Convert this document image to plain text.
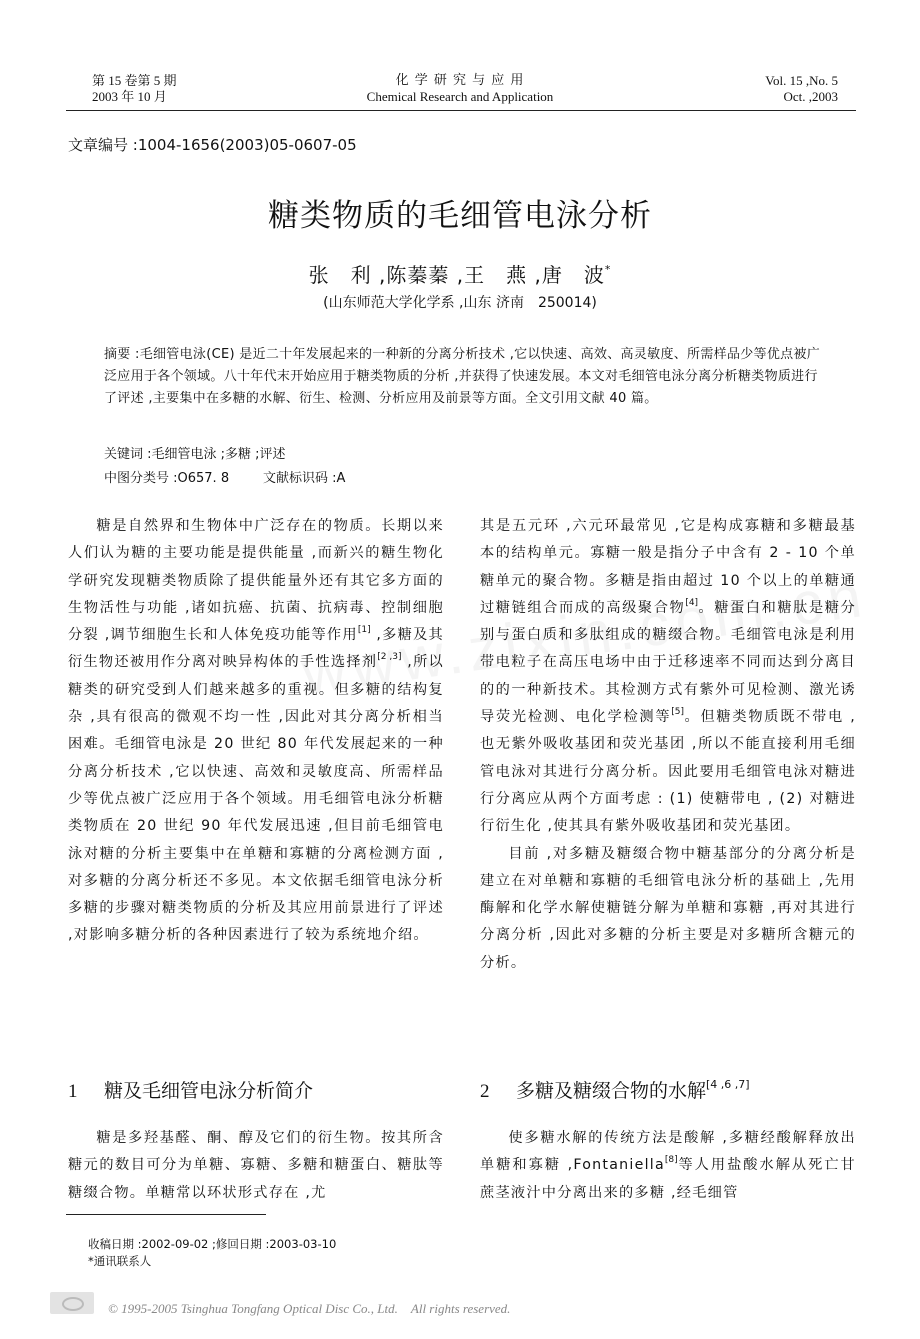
第 15 卷第 5 期
2003 年 10 月
化 学 研 究 与 应 用
Chemical Research and Application
Vol. 15 ,No. 5
Oct. ,2003
文章编号 :1004-1656(2003)05-0607-05
糖类物质的毛细管电泳分析
张　利 ,陈蓁蓁 ,王　燕 ,唐　波*
(山东师范大学化学系 ,山东 济南　250014)
摘要 :毛细管电泳(CE) 是近二十年发展起来的一种新的分离分析技术 ,它以快速、高效、高灵敏度、所需样品少等优点被广泛应用于各个领域。八十年代末开始应用于糖类物质的分析 ,并获得了快速发展。本文对毛细管电泳分离分析糖类物质进行了评述 ,主要集中在多糖的水解、衍生、检测、分析应用及前景等方面。全文引用文献 40 篇。
关键词 :毛细管电泳 ;多糖 ;评述
中图分类号 :O657. 8	文献标识码 :A

糖是自然界和生物体中广泛存在的物质。长期以来人们认为糖的主要功能是提供能量 ,而新兴的糖生物化学研究发现糖类物质除了提供能量外还有其它多方面的生物活性与功能 ,诸如抗癌、抗菌、抗病毒、控制细胞分裂 ,调节细胞生长和人体免疫功能等作用[1] ,多糖及其衍生物还被用作分离对映异构体的手性选择剂[2 ,3] ,所以糖类的研究受到人们越来越多的重视。但多糖的结构复杂 ,具有很高的微观不均一性 ,因此对其分离分析相当困难。毛细管电泳是 20 世纪 80 年代发展起来的一种分离分析技术 ,它以快速、高效和灵敏度高、所需样品少等优点被广泛应用于各个领域。用毛细管电泳分析糖类物质在 20 世纪 90 年代发展迅速 ,但目前毛细管电泳对糖的分析主要集中在单糖和寡糖的分离检测方面 ,对多糖的分离分析还不多见。本文依据毛细管电泳分析多糖的步骤对糖类物质的分析及其应用前景进行了评述 ,对影响多糖分析的各种因素进行了较为系统地介绍。

1 糖及毛细管电泳分析简介

糖是多羟基醛、酮、醇及它们的衍生物。按其所含糖元的数目可分为单糖、寡糖、多糖和糖蛋白、糖肽等糖缀合物。单糖常以环状形式存在 ,尤

其是五元环 ,六元环最常见 ,它是构成寡糖和多糖最基本的结构单元。寡糖一般是指分子中含有 2 - 10 个单糖单元的聚合物。多糖是指由超过 10 个以上的单糖通过糖链组合而成的高级聚合物[4]。糖蛋白和糖肽是糖分别与蛋白质和多肽组成的糖缀合物。毛细管电泳是利用带电粒子在高压电场中由于迁移速率不同而达到分离目的的一种新技术。其检测方式有紫外可见检测、激光诱导荧光检测、电化学检测等[5]。但糖类物质既不带电 ,也无紫外吸收基团和荧光基团 ,所以不能直接利用毛细管电泳对其进行分离分析。因此要用毛细管电泳对糖进行分离应从两个方面考虑 : (1) 使糖带电 , (2) 对糖进行衍生化 ,使其具有紫外吸收基团和荧光基团。

目前 ,对多糖及糖缀合物中糖基部分的分离分析是建立在对单糖和寡糖的毛细管电泳分析的基础上 ,先用酶解和化学水解使糖链分解为单糖和寡糖 ,再对其进行分离分析 ,因此对多糖的分析主要是对多糖所含糖元的分析。

2 多糖及糖缀合物的水解[4 ,6 ,7]

使多糖水解的传统方法是酸解 ,多糖经酸解释放出单糖和寡糖 ,Fontaniella[8]等人用盐酸水解从死亡甘蔗茎液汁中分离出来的多糖 ,经毛细管

收稿日期 :2002-09-02 ;修回日期 :2003-03-10
*通讯联系人
© 1995-2005 Tsinghua Tongfang Optical Disc Co., Ltd.　All rights reserved.
